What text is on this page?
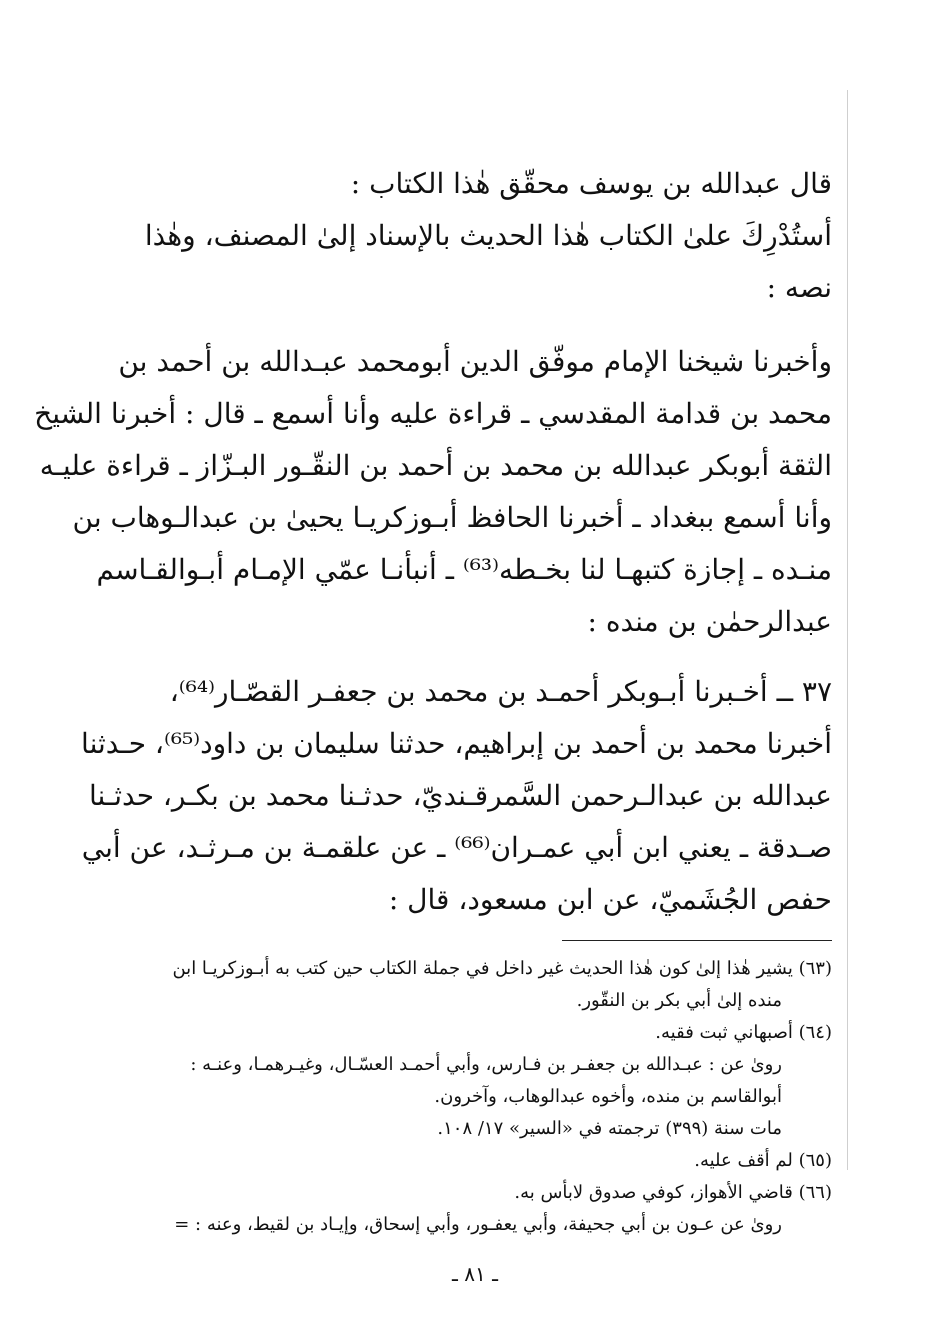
قال عبدالله بن يوسف محقّق هٰذا الكتاب :
أستُدْرِكَ علىٰ الكتاب هٰذا الحديث بالإسناد إلىٰ المصنف، وهٰذا
نصه :
وأخبرنا شيخنا الإمام موفّق الدين أبومحمد عبـدالله بن أحمد بن
محمد بن قدامة المقدسي ـ قراءة عليه وأنا أسمع ـ قال : أخبرنا الشيخ
الثقة أبوبكر عبدالله بن محمد بن أحمد بن النقّـور البـزّاز ـ قراءة عليـه
وأنا أسمع ببغداد ـ أخبرنا الحافظ أبـوزكريـا يحيىٰ بن عبدالـوهاب بن
منـده ـ إجازة كتبهـا لنا بخـطه⁽⁶³⁾ ـ أنبأنـا عمّي الإمـام أبـوالقـاسم
عبدالرحمٰن بن منده :
٣٧ ــ أخـبرنا أبـوبكر أحمـد بن محمد بن جعفـر القصّـار⁽⁶⁴⁾،
أخبرنا محمد بن أحمد بن إبراهيم، حدثنا سليمان بن داود⁽⁶⁵⁾، حـدثنا
عبدالله بن عبدالـرحمن السَّمرقـنديّ، حدثـنا محمد بن بكـر، حدثـنا
صـدقة ـ يعني ابن أبي عمـران⁽⁶⁶⁾ ـ عن علقمـة بن مـرثـد، عن أبي
حفص الجُشَميّ، عن ابن مسعود، قال :
(٦٣) يشير هٰذا إلىٰ كون هٰذا الحديث غير داخل في جملة الكتاب حين كتب به أبـوزكريـا ابن
منده إلىٰ أبي بكر بن النقّور.
(٦٤) أصبهاني ثبت فقيه.
روىٰ عن : عبـدالله بن جعفـر بن فـارس، وأبي أحمـد العسّـال، وغيـرهمـا، وعنـه :
أبوالقاسم بن منده، وأخوه عبدالوهاب، وآخرون.
مات سنة (٣٩٩) ترجمته في «السير» ١٧/ ١٠٨.
(٦٥) لم أقف عليه.
(٦٦) قاضي الأهواز، كوفي صدوق لابأس به.
روىٰ عن عـون بن أبي جحيفة، وأبي يعفـور، وأبي إسحاق، وإيـاد بن لقيط، وعنه : =
ـ ٨١ ـ
